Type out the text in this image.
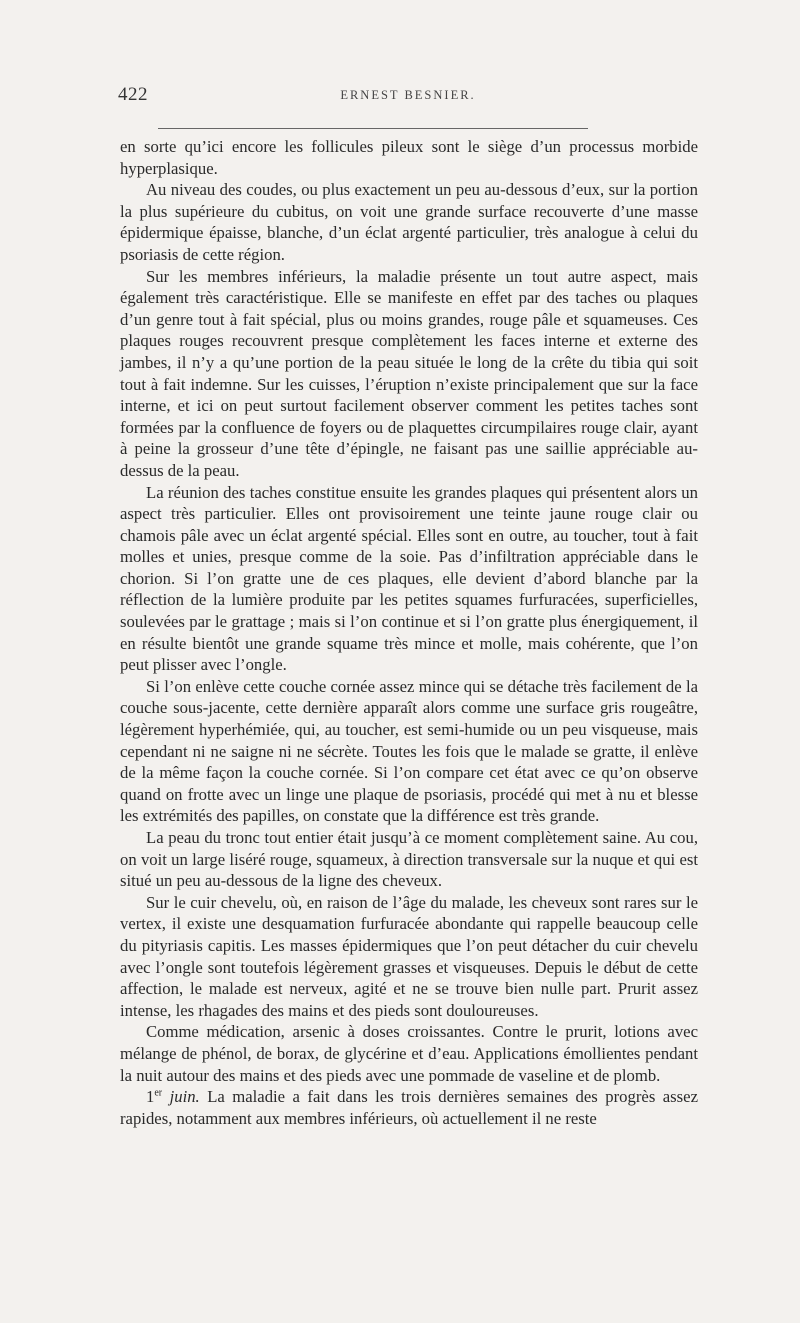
422	ERNEST BESNIER.

en sorte qu’ici encore les follicules pileux sont le siège d’un processus morbide hyperplasique.

Au niveau des coudes, ou plus exactement un peu au-dessous d’eux, sur la portion la plus supérieure du cubitus, on voit une grande surface recouverte d’une masse épidermique épaisse, blanche, d’un éclat argenté particulier, très analogue à celui du psoriasis de cette région.

Sur les membres inférieurs, la maladie présente un tout autre aspect, mais également très caractéristique. Elle se manifeste en effet par des taches ou plaques d’un genre tout à fait spécial, plus ou moins grandes, rouge pâle et squameuses. Ces plaques rouges recouvrent presque complètement les faces interne et externe des jambes, il n’y a qu’une portion de la peau située le long de la crête du tibia qui soit tout à fait indemne. Sur les cuisses, l’éruption n’existe principalement que sur la face interne, et ici on peut surtout facilement observer comment les petites taches sont formées par la confluence de foyers ou de plaquettes circumpilaires rouge clair, ayant à peine la grosseur d’une tête d’épingle, ne faisant pas une saillie appréciable au-dessus de la peau.

La réunion des taches constitue ensuite les grandes plaques qui présentent alors un aspect très particulier. Elles ont provisoirement une teinte jaune rouge clair ou chamois pâle avec un éclat argenté spécial. Elles sont en outre, au toucher, tout à fait molles et unies, presque comme de la soie. Pas d’infiltration appréciable dans le chorion. Si l’on gratte une de ces plaques, elle devient d’abord blanche par la réflection de la lumière produite par les petites squames furfuracées, superficielles, soulevées par le grattage ; mais si l’on continue et si l’on gratte plus énergiquement, il en résulte bientôt une grande squame très mince et molle, mais cohérente, que l’on peut plisser avec l’ongle.

Si l’on enlève cette couche cornée assez mince qui se détache très facilement de la couche sous-jacente, cette dernière apparaît alors comme une surface gris rougeâtre, légèrement hyperhémiée, qui, au toucher, est semi-humide ou un peu visqueuse, mais cependant ni ne saigne ni ne sécrète. Toutes les fois que le malade se gratte, il enlève de la même façon la couche cornée. Si l’on compare cet état avec ce qu’on observe quand on frotte avec un linge une plaque de psoriasis, procédé qui met à nu et blesse les extrémités des papilles, on constate que la différence est très grande.

La peau du tronc tout entier était jusqu’à ce moment complètement saine. Au cou, on voit un large liséré rouge, squameux, à direction transversale sur la nuque et qui est situé un peu au-dessous de la ligne des cheveux.

Sur le cuir chevelu, où, en raison de l’âge du malade, les cheveux sont rares sur le vertex, il existe une desquamation furfuracée abondante qui rappelle beaucoup celle du pityriasis capitis. Les masses épidermiques que l’on peut détacher du cuir chevelu avec l’ongle sont toutefois légèrement grasses et visqueuses. Depuis le début de cette affection, le malade est nerveux, agité et ne se trouve bien nulle part. Prurit assez intense, les rhagades des mains et des pieds sont douloureuses.

Comme médication, arsenic à doses croissantes. Contre le prurit, lotions avec mélange de phénol, de borax, de glycérine et d’eau. Applications émollientes pendant la nuit autour des mains et des pieds avec une pommade de vaseline et de plomb.

1er juin. La maladie a fait dans les trois dernières semaines des progrès assez rapides, notamment aux membres inférieurs, où actuellement il ne reste
